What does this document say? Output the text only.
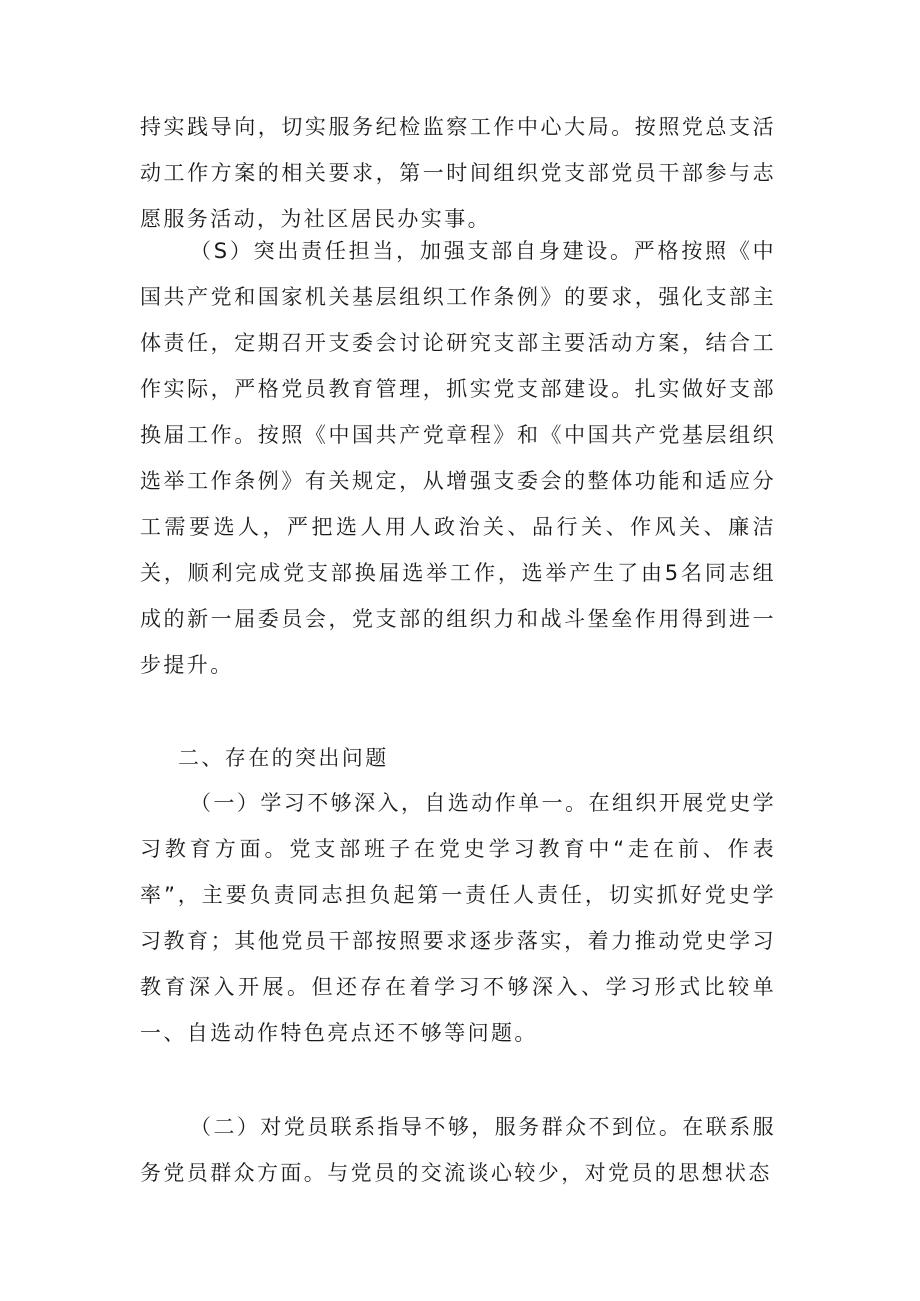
持实践导向，切实服务纪检监察工作中心大局。按照党总支活动工作方案的相关要求，第一时间组织党支部党员干部参与志愿服务活动，为社区居民办实事。

（S）突出责任担当，加强支部自身建设。严格按照《中国共产党和国家机关基层组织工作条例》的要求，强化支部主体责任，定期召开支委会讨论研究支部主要活动方案，结合工作实际，严格党员教育管理，抓实党支部建设。扎实做好支部换届工作。按照《中国共产党章程》和《中国共产党基层组织选举工作条例》有关规定，从增强支委会的整体功能和适应分工需要选人，严把选人用人政治关、品行关、作风关、廉洁关，顺利完成党支部换届选举工作，选举产生了由5名同志组成的新一届委员会，党支部的组织力和战斗堡垒作用得到进一步提升。

二、存在的突出问题

（一）学习不够深入，自选动作单一。在组织开展党史学习教育方面。党支部班子在党史学习教育中“走在前、作表率”，主要负责同志担负起第一责任人责任，切实抓好党史学习教育；其他党员干部按照要求逐步落实，着力推动党史学习教育深入开展。但还存在着学习不够深入、学习形式比较单一、自选动作特色亮点还不够等问题。

（二）对党员联系指导不够，服务群众不到位。在联系服务党员群众方面。与党员的交流谈心较少，对党员的思想状态
